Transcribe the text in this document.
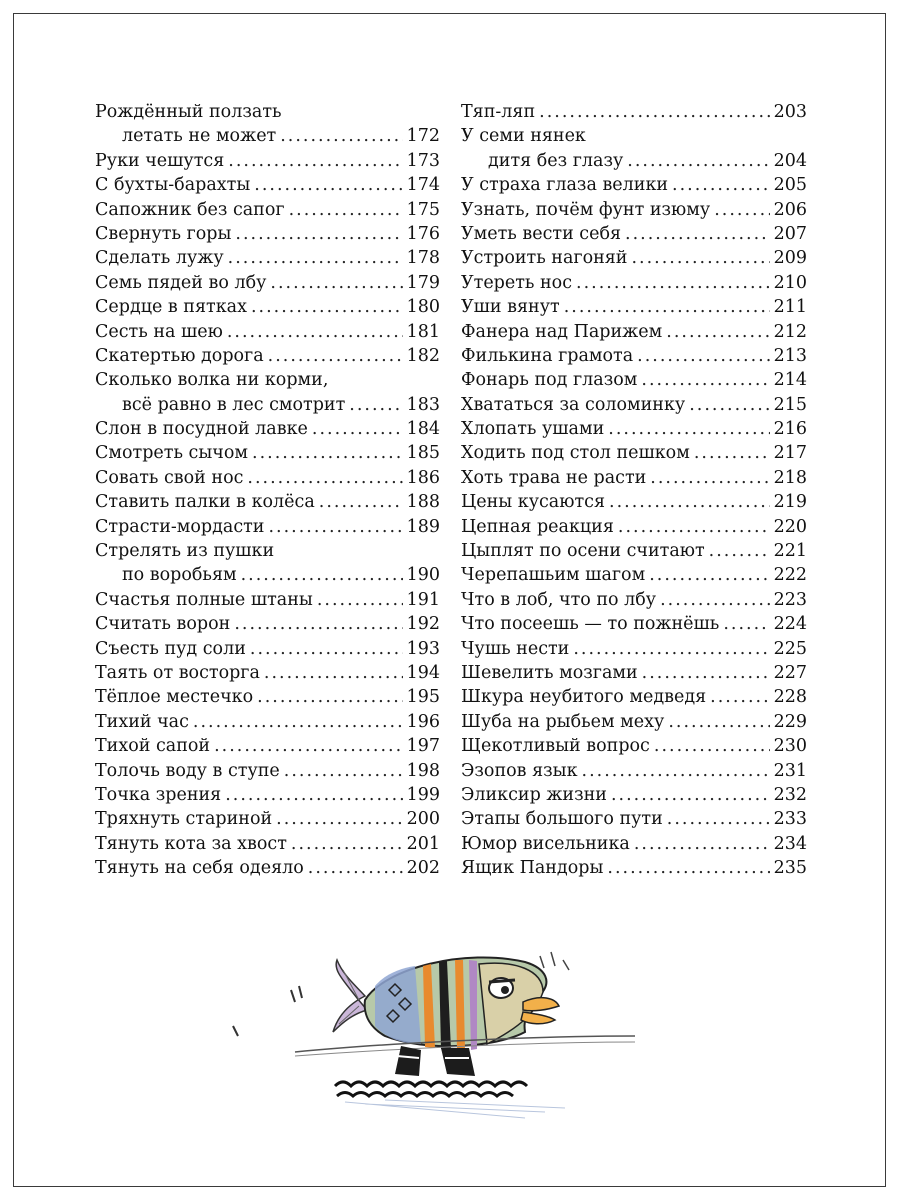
Рождённый ползать
летать не может .....	172
Руки чешутся .....	173
С бухты-барахты .....	174
Сапожник без сапог .....	175
Свернуть горы .....	176
Сделать лужу .....	178
Семь пядей во лбу .....	179
Сердце в пятках .....	180
Сесть на шею .....	181
Скатертью дорога .....	182
Сколько волка ни корми,
всё равно в лес смотрит .....	183
Слон в посудной лавке .....	184
Смотреть сычом .....	185
Совать свой нос .....	186
Ставить палки в колёса .....	188
Страсти-мордасти .....	189
Стрелять из пушки
по воробьям .....	190
Счастья полные штаны .....	191
Считать ворон .....	192
Съесть пуд соли .....	193
Таять от восторга .....	194
Тёплое местечко .....	195
Тихий час .....	196
Тихой сапой .....	197
Толочь воду в ступе .....	198
Точка зрения .....	199
Тряхнуть стариной .....	200
Тянуть кота за хвост .....	201
Тянуть на себя одеяло .....	202
Тяп-ляп .....	203
У семи нянек
дитя без глазу .....	204
У страха глаза велики .....	205
Узнать, почём фунт изюму .....	206
Уметь вести себя .....	207
Устроить нагоняй .....	209
Утереть нос .....	210
Уши вянут .....	211
Фанера над Парижем .....	212
Филькина грамота .....	213
Фонарь под глазом .....	214
Хвататься за соломинку .....	215
Хлопать ушами .....	216
Ходить под стол пешком .....	217
Хоть трава не расти .....	218
Цены кусаются .....	219
Цепная реакция .....	220
Цыплят по осени считают .....	221
Черепашьим шагом .....	222
Что в лоб, что по лбу .....	223
Что посеешь — то пожнёшь .....	224
Чушь нести .....	225
Шевелить мозгами .....	227
Шкура неубитого медведя .....	228
Шуба на рыбьем меху .....	229
Щекотливый вопрос .....	230
Эзопов язык .....	231
Эликсир жизни .....	232
Этапы большого пути .....	233
Юмор висельника .....	234
Ящик Пандоры .....	235
